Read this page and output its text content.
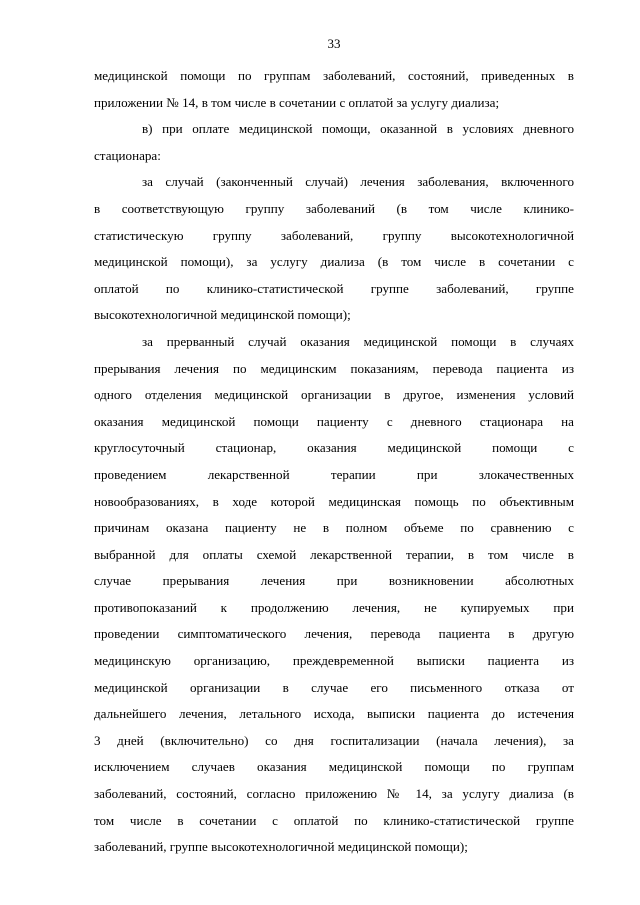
33
медицинской помощи по группам заболеваний, состояний, приведенных в
приложении № 14, в том числе в сочетании с оплатой за услугу диализа;
в) при оплате медицинской помощи, оказанной в условиях дневного
стационара:
за случай (законченный случай) лечения заболевания, включенного
в соответствующую группу заболеваний (в том числе клинико-
статистическую группу заболеваний, группу высокотехнологичной
медицинской помощи), за услугу диализа (в том числе в сочетании с
оплатой по клинико-статистической группе заболеваний, группе
высокотехнологичной медицинской помощи);
за прерванный случай оказания медицинской помощи в случаях
прерывания лечения по медицинским показаниям, перевода пациента из
одного отделения медицинской организации в другое, изменения условий
оказания медицинской помощи пациенту с дневного стационара на
круглосуточный стационар, оказания медицинской помощи с
проведением лекарственной терапии при злокачественных
новообразованиях, в ходе которой медицинская помощь по объективным
причинам оказана пациенту не в полном объеме по сравнению с
выбранной для оплаты схемой лекарственной терапии, в том числе в
случае прерывания лечения при возникновении абсолютных
противопоказаний к продолжению лечения, не купируемых при
проведении симптоматического лечения, перевода пациента в другую
медицинскую организацию, преждевременной выписки пациента из
медицинской организации в случае его письменного отказа от
дальнейшего лечения, летального исхода, выписки пациента до истечения
3 дней (включительно) со дня госпитализации (начала лечения), за
исключением случаев оказания медицинской помощи по группам
заболеваний, состояний, согласно приложению № 14, за услугу диализа (в
том числе в сочетании с оплатой по клинико-статистической группе
заболеваний, группе высокотехнологичной медицинской помощи);
